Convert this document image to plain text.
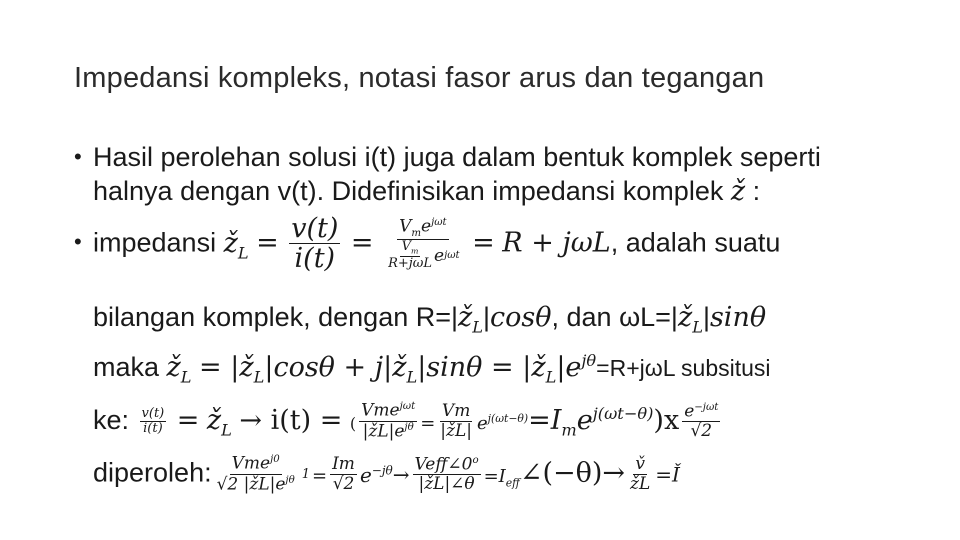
Impedansi kompleks, notasi fasor arus dan tegangan
• Hasil perolehan solusi i(t) juga dalam bentuk komplek seperti
halnya dengan v(t). Didefinisikan impedansi komplek ž :
• impedansi $ž_L = \frac{v(t)}{i(t)} = \frac{V_me^{j\omega t}}{\frac{V_m}{\text{R+jωL}} e j\omega t} = R + j\omega L$, adalah suatu
bilangan komplek, dengan $R=|ž_L|\cos\theta$, dan $\omega L=|ž_L|\sin\theta$
maka $ž_L$ = $|ž_L|\cos\theta$ + $j|ž_L|\sin\theta$ = $|ž_L|e^{j\theta}=R+j\omega L$ subsitusi
ke: $\frac{v(t)}{i(t)}$ = $ž_L \to i(t)$ = ( $\frac{Vme^{j\omega t}}{|žL|e^{j\theta}} = \frac{Vm}{|žL|} e^{j(\omega t-\theta)}=I_me^{j(\omega t-\theta)})x \frac{e^{-j\omega t}}{√2}$
diperoleh: $\frac{Vme^{j0}}{√2 |žL|e^{j\theta}} 1 = \frac{Im}{√2} e^{-j\theta}\to \frac{Veff\angle 0^o}{|žL|\angle\theta}$ $=I_{eff}\angle(-\theta)\to \frac{v̌}{žL}$ =Ǐ
